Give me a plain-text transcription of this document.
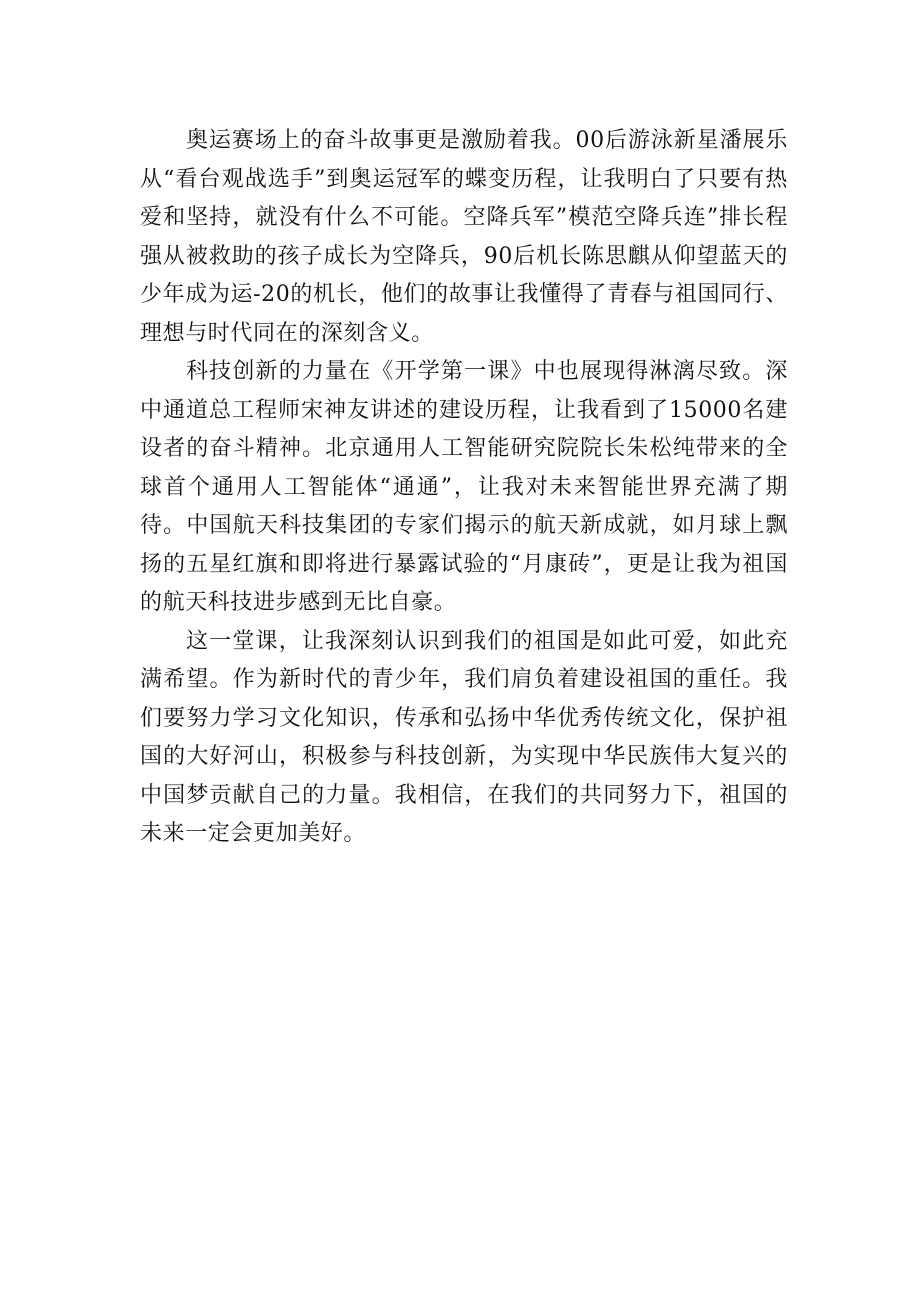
奥运赛场上的奋斗故事更是激励着我。00后游泳新星潘展乐从“看台观战选手”到奥运冠军的蝶变历程，让我明白了只要有热爱和坚持，就没有什么不可能。空降兵军”模范空降兵连”排长程强从被救助的孩子成长为空降兵，90后机长陈思麒从仰望蓝天的少年成为运-20的机长，他们的故事让我懂得了青春与祖国同行、理想与时代同在的深刻含义。

科技创新的力量在《开学第一课》中也展现得淋漓尽致。深中通道总工程师宋神友讲述的建设历程，让我看到了15000名建设者的奋斗精神。北京通用人工智能研究院院长朱松纯带来的全球首个通用人工智能体“通通”，让我对未来智能世界充满了期待。中国航天科技集团的专家们揭示的航天新成就，如月球上飘扬的五星红旗和即将进行暴露试验的“月康砖”，更是让我为祖国的航天科技进步感到无比自豪。

这一堂课，让我深刻认识到我们的祖国是如此可爱，如此充满希望。作为新时代的青少年，我们肩负着建设祖国的重任。我们要努力学习文化知识，传承和弘扬中华优秀传统文化，保护祖国的大好河山，积极参与科技创新，为实现中华民族伟大复兴的中国梦贡献自己的力量。我相信，在我们的共同努力下，祖国的未来一定会更加美好。
